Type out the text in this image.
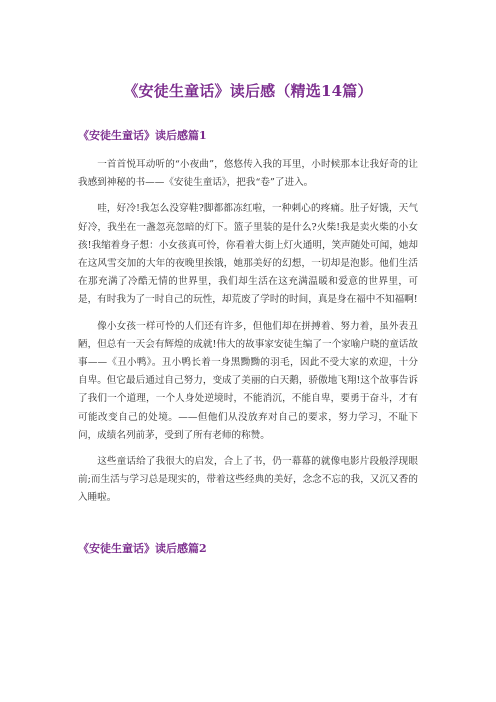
《安徒生童话》读后感（精选14篇）
《安徒生童话》读后感篇1

一首首悦耳动听的“小夜曲”，悠悠传入我的耳里，小时候那本让我好奇的让我感到神秘的书——《安徒生童话》，把我“卷”了进入。

哇，好冷!我怎么没穿鞋?脚都都冻红啦，一种刺心的疼痛。肚子好饿，天气好冷，我坐在一盏忽亮忽暗的灯下。篮子里装的是什么?火柴!我是卖火柴的小女孩!我缩着身子想：小女孩真可怜，你看着大街上灯火通明，笑声随处可闻，她却在这风雪交加的大年的夜晚里挨饿，她那美好的幻想，一切却是泡影。他们生活在那充满了冷酷无情的世界里，我们却生活在这充满温暖和爱意的世界里，可是，有时我为了一时自己的玩性，却荒废了学时的时间，真是身在福中不知福啊!

像小女孩一样可怜的人们还有许多，但他们却在拼搏着、努力着，虽外表丑陋，但总有一天会有辉煌的成就!伟大的故事家安徒生编了一个家喻户晓的童话故事——《丑小鸭》。丑小鸭长着一身黑黝黝的羽毛，因此不受大家的欢迎，十分自卑。但它最后通过自己努力，变成了美丽的白天鹅，骄傲地飞翔!这个故事告诉了我们一个道理，一个人身处逆境时，不能消沉，不能自卑，要勇于奋斗，才有可能改变自己的处境。——但他们从没放弃对自己的要求，努力学习，不耻下问，成绩名列前茅，受到了所有老师的称赞。

这些童话给了我很大的启发，合上了书，仍一幕幕的就像电影片段般浮现眼前;而生活与学习总是现实的，带着这些经典的美好，念念不忘的我，又沉又香的入睡啦。

《安徒生童话》读后感篇2
